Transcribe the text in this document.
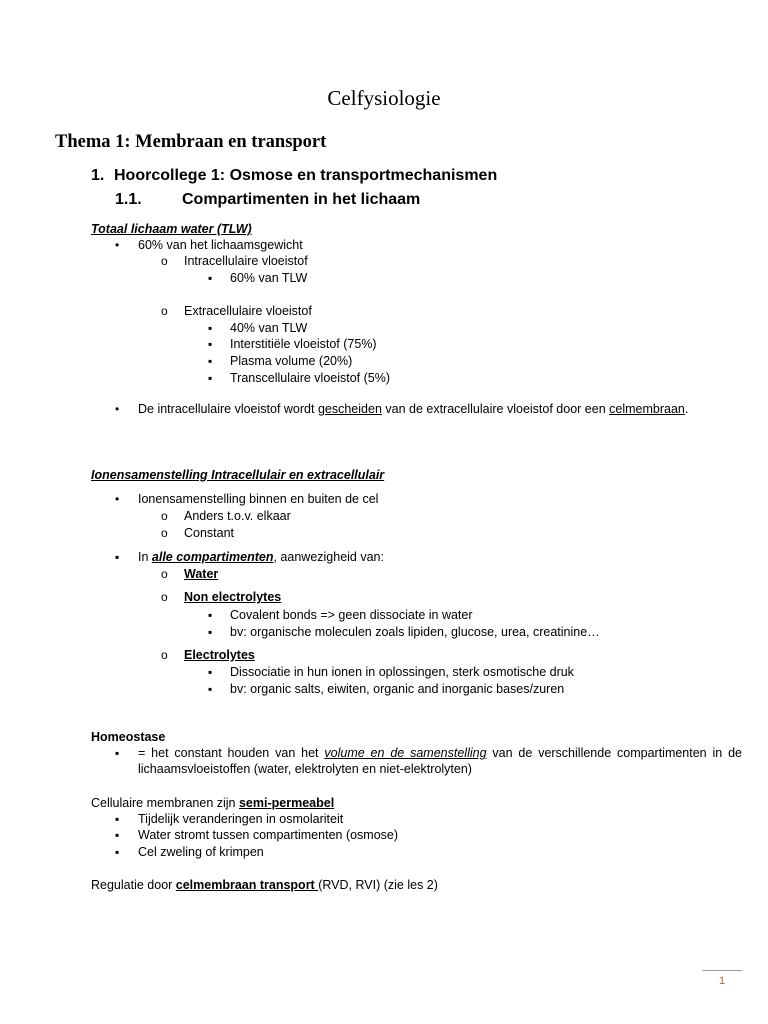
Celfysiologie
Thema 1: Membraan en transport
1. Hoorcollege 1: Osmose en transportmechanismen
1.1.	Compartimenten in het lichaam
Totaal lichaam water (TLW)
• 60% van het lichaamsgewicht
o Intracellulaire vloeistof
▪ 60% van TLW
o Extracellulaire vloeistof
▪ 40% van TLW
▪ Interstitiële vloeistof (75%)
▪ Plasma volume (20%)
▪ Transcellulaire vloeistof (5%)
• De intracellulaire vloeistof wordt gescheiden van de extracellulaire vloeistof door een celmembraan.
Ionensamenstelling Intracellulair en extracellulair
• Ionensamenstelling binnen en buiten de cel
o Anders t.o.v. elkaar
o Constant
▪ In alle compartimenten, aanwezigheid van:
o Water
o Non electrolytes
▪ Covalent bonds => geen dissociate in water
▪ bv: organische moleculen zoals lipiden, glucose, urea, creatinine…
o Electrolytes
▪ Dissociatie in hun ionen in oplossingen, sterk osmotische druk
▪ bv: organic salts, eiwiten, organic and inorganic bases/zuren
Homeostase
▪ = het constant houden van het volume en de samenstelling van de verschillende compartimenten in de lichaamsvloeistoffen (water, elektrolyten en niet-elektrolyten)
Cellulaire membranen zijn semi-permeabel
▪ Tijdelijk veranderingen in osmolariteit
▪ Water stromt tussen compartimenten (osmose)
▪ Cel zweling of krimpen
Regulatie door celmembraan transport (RVD, RVI) (zie les 2)
1
